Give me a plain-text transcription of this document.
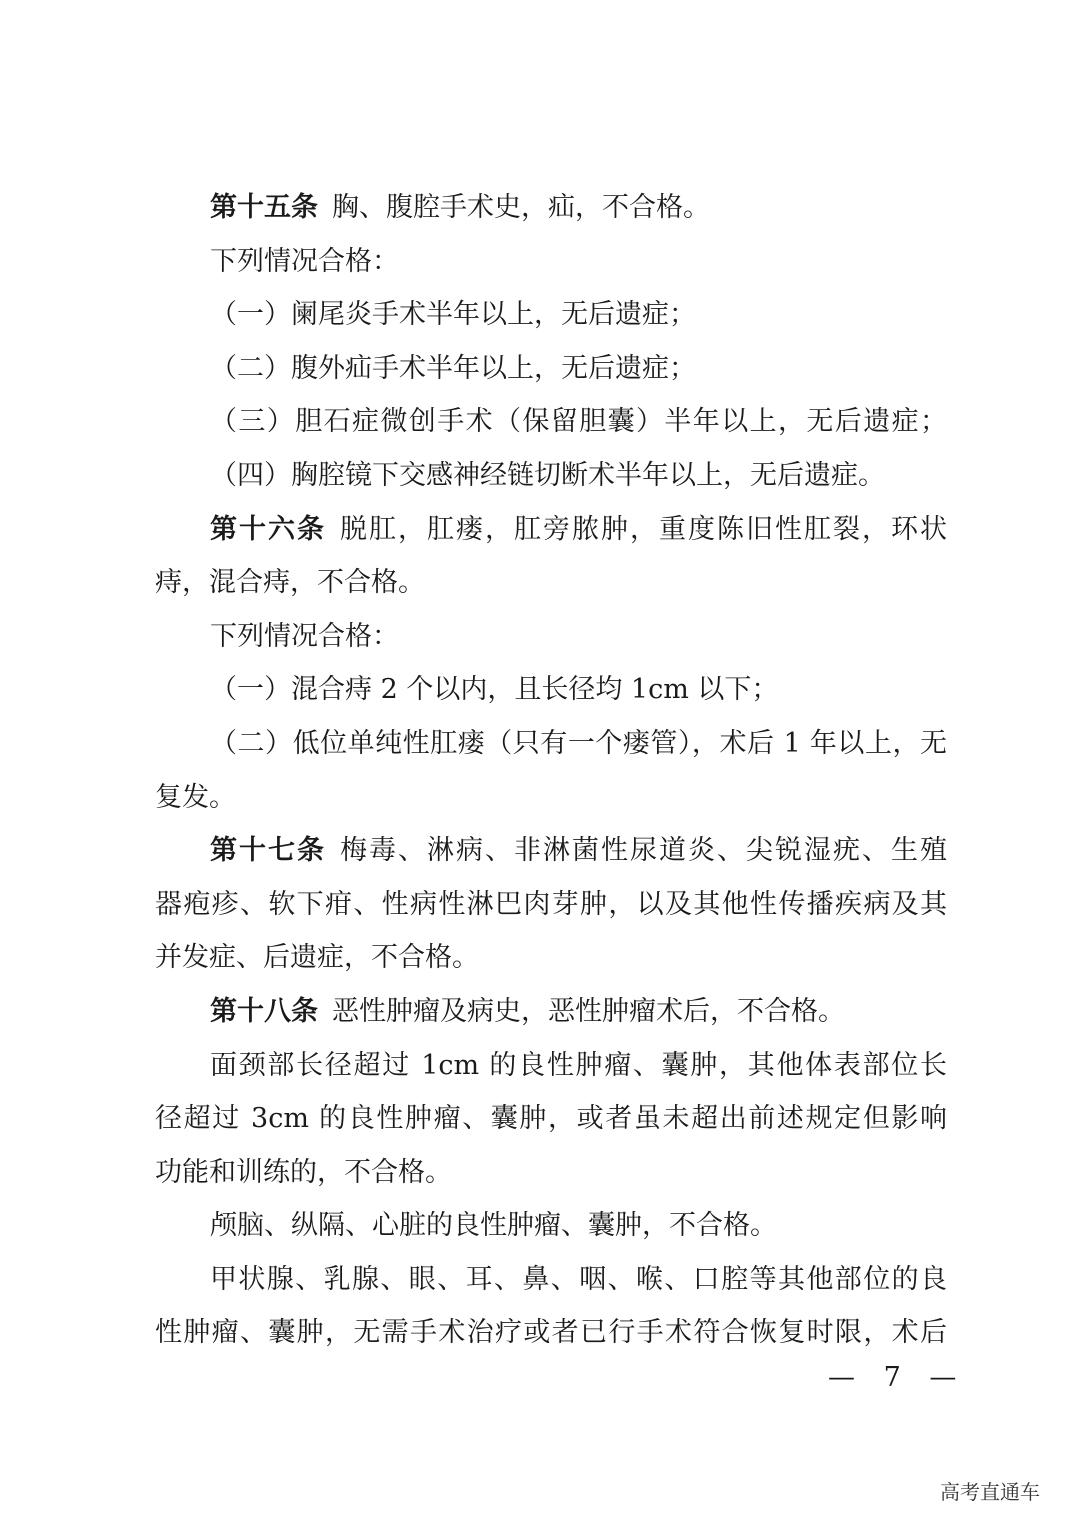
第十五条 胸、腹腔手术史，疝，不合格。
下列情况合格：
（一）阑尾炎手术半年以上，无后遗症；
（二）腹外疝手术半年以上，无后遗症；
（三）胆石症微创手术（保留胆囊）半年以上，无后遗症；
（四）胸腔镜下交感神经链切断术半年以上，无后遗症。
第十六条 脱肛，肛瘘，肛旁脓肿，重度陈旧性肛裂，环状
痔，混合痔，不合格。
下列情况合格：
（一）混合痔 2 个以内，且长径均 1cm 以下；
（二）低位单纯性肛瘘（只有一个瘘管），术后 1 年以上，无
复发。
第十七条 梅毒、淋病、非淋菌性尿道炎、尖锐湿疣、生殖
器疱疹、软下疳、性病性淋巴肉芽肿，以及其他性传播疾病及其
并发症、后遗症，不合格。
第十八条 恶性肿瘤及病史，恶性肿瘤术后，不合格。
面颈部长径超过 1cm 的良性肿瘤、囊肿，其他体表部位长
径超过 3cm 的良性肿瘤、囊肿，或者虽未超出前述规定但影响
功能和训练的，不合格。
颅脑、纵隔、心脏的良性肿瘤、囊肿，不合格。
甲状腺、乳腺、眼、耳、鼻、咽、喉、口腔等其他部位的良
性肿瘤、囊肿，无需手术治疗或者已行手术符合恢复时限，术后
— 7 —
高考直通车
